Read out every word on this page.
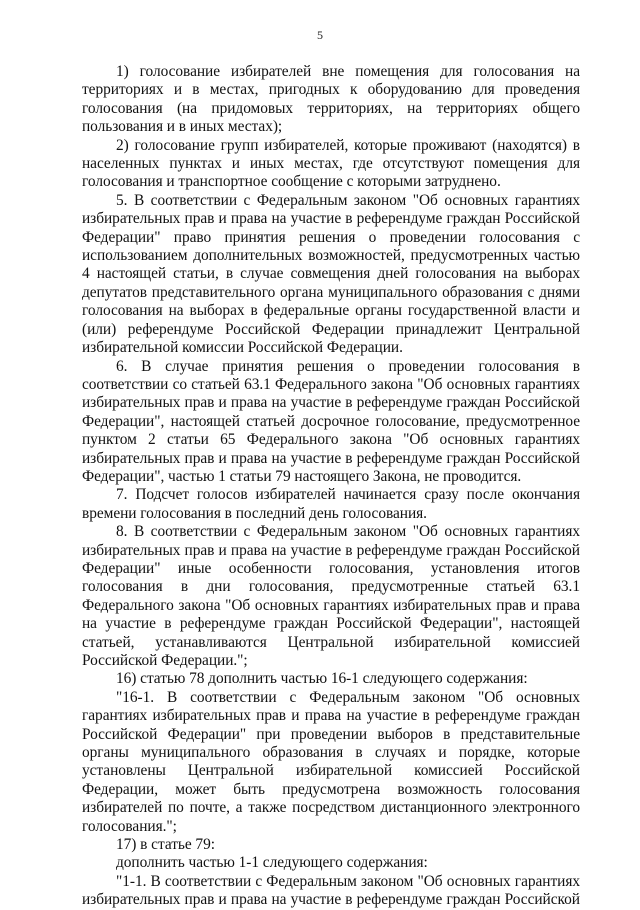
5

1) голосование избирателей вне помещения для голосования на территориях и в местах, пригодных к оборудованию для проведения голосования (на придомовых территориях, на территориях общего пользования и в иных местах);

2) голосование групп избирателей, которые проживают (находятся) в населенных пунктах и иных местах, где отсутствуют помещения для голосования и транспортное сообщение с которыми затруднено.

5. В соответствии с Федеральным законом "Об основных гарантиях избирательных прав и права на участие в референдуме граждан Российской Федерации" право принятия решения о проведении голосования с использованием дополнительных возможностей, предусмотренных частью 4 настоящей статьи, в случае совмещения дней голосования на выборах депутатов представительного органа муниципального образования с днями голосования на выборах в федеральные органы государственной власти и (или) референдуме Российской Федерации принадлежит Центральной избирательной комиссии Российской Федерации.

6. В случае принятия решения о проведении голосования в соответствии со статьей 63.1 Федерального закона "Об основных гарантиях избирательных прав и права на участие в референдуме граждан Российской Федерации", настоящей статьей досрочное голосование, предусмотренное пунктом 2 статьи 65 Федерального закона "Об основных гарантиях избирательных прав и права на участие в референдуме граждан Российской Федерации", частью 1 статьи 79 настоящего Закона, не проводится.

7. Подсчет голосов избирателей начинается сразу после окончания времени голосования в последний день голосования.

8. В соответствии с Федеральным законом "Об основных гарантиях избирательных прав и права на участие в референдуме граждан Российской Федерации" иные особенности голосования, установления итогов голосования в дни голосования, предусмотренные статьей 63.1 Федерального закона "Об основных гарантиях избирательных прав и права на участие в референдуме граждан Российской Федерации", настоящей статьей, устанавливаются Центральной избирательной комиссией Российской Федерации.";

16) статью 78 дополнить частью 16-1 следующего содержания:

"16-1. В соответствии с Федеральным законом "Об основных гарантиях избирательных прав и права на участие в референдуме граждан Российской Федерации" при проведении выборов в представительные органы муниципального образования в случаях и порядке, которые установлены Центральной избирательной комиссией Российской Федерации, может быть предусмотрена возможность голосования избирателей по почте, а также посредством дистанционного электронного голосования.";

17) в статье 79:

дополнить частью 1-1 следующего содержания:

"1-1. В соответствии с Федеральным законом "Об основных гарантиях избирательных прав и права на участие в референдуме граждан Российской
